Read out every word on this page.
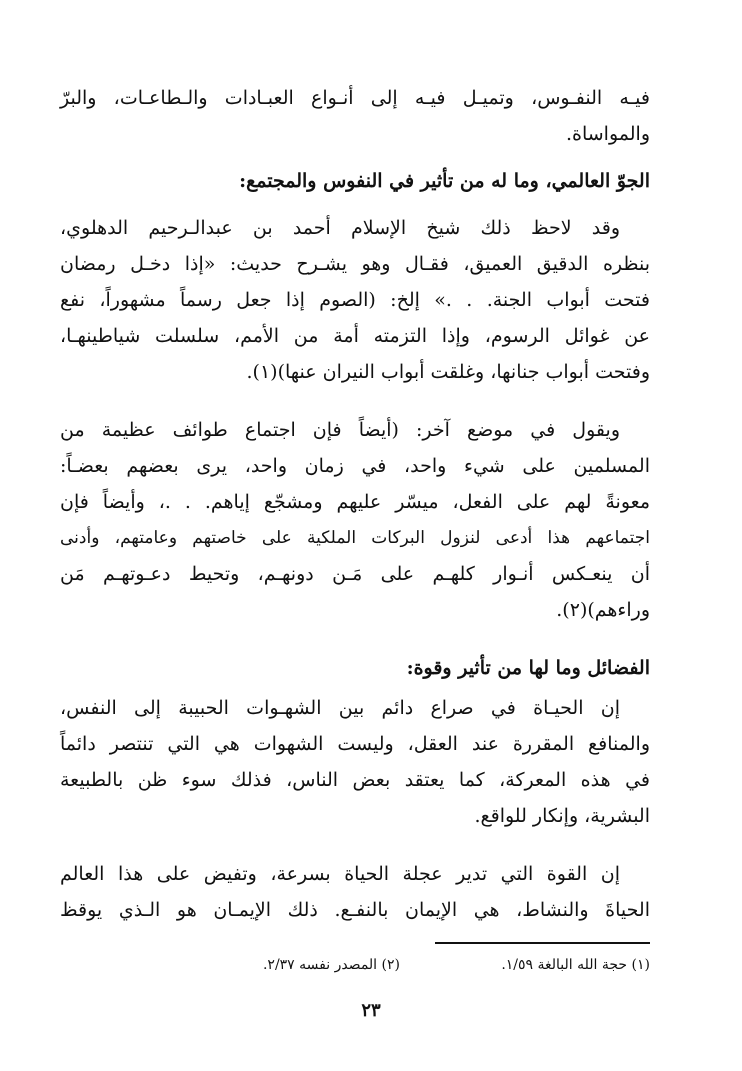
فيـه النفـوس، وتميـل فيـه إلى أنـواع العبـادات والـطاعـات، والبرّ
والمواساة.
الجوّ العالمي، وما له من تأثير في النفوس والمجتمع:
وقد لاحظ ذلك شيخ الإسلام أحمد بن عبدالـرحيم الدهلوي،
بنظره الدقيق العميق، فقـال وهو يشـرح حديث: «إذا دخـل رمضان
فتحت أبواب الجنة. . .» إلخ: (الصوم إذا جعل رسماً مشهوراً، نفع
عن غوائل الرسوم، وإذا التزمته أمة من الأمم، سلسلت شياطينهـا،
وفتحت أبواب جنانها، وغلقت أبواب النيران عنها)(١).
ويقول في موضع آخر: (أيضاً فإن اجتماع طوائف عظيمة من
المسلمين على شيء واحد، في زمان واحد، يرى بعضهم بعضـاً:
معونةً لهم على الفعل، ميسّر عليهم ومشجّع إياهم. . .، وأيضاً فإن
اجتماعهم هذا أدعى لنزول البركات الملكية على خاصتهم وعامتهم، وأدنى
أن ينعـكس أنـوار كلهـم على مَـن دونهـم، وتحيط دعـوتهـم مَن
وراءهم)(٢).
الفضائل وما لها من تأثير وقوة:
إن الحيـاة في صراع دائم بين الشهـوات الحبيبة إلى النفس،
والمنافع المقررة عند العقل، وليست الشهوات هي التي تنتصر دائماً
في هذه المعركة، كما يعتقد بعض الناس، فذلك سوء ظن بالطبيعة
البشرية، وإنكار للواقع.
إن القوة التي تدير عجلة الحياة بسرعة، وتفيض على هذا العالم
الحياةَ والنشاط، هي الإيمان بالنفـع. ذلك الإيمـان هو الـذي يوقظ
(١) حجة الله البالغة ١/٥٩.
(٢) المصدر نفسه ٢/٣٧.
٢٣
